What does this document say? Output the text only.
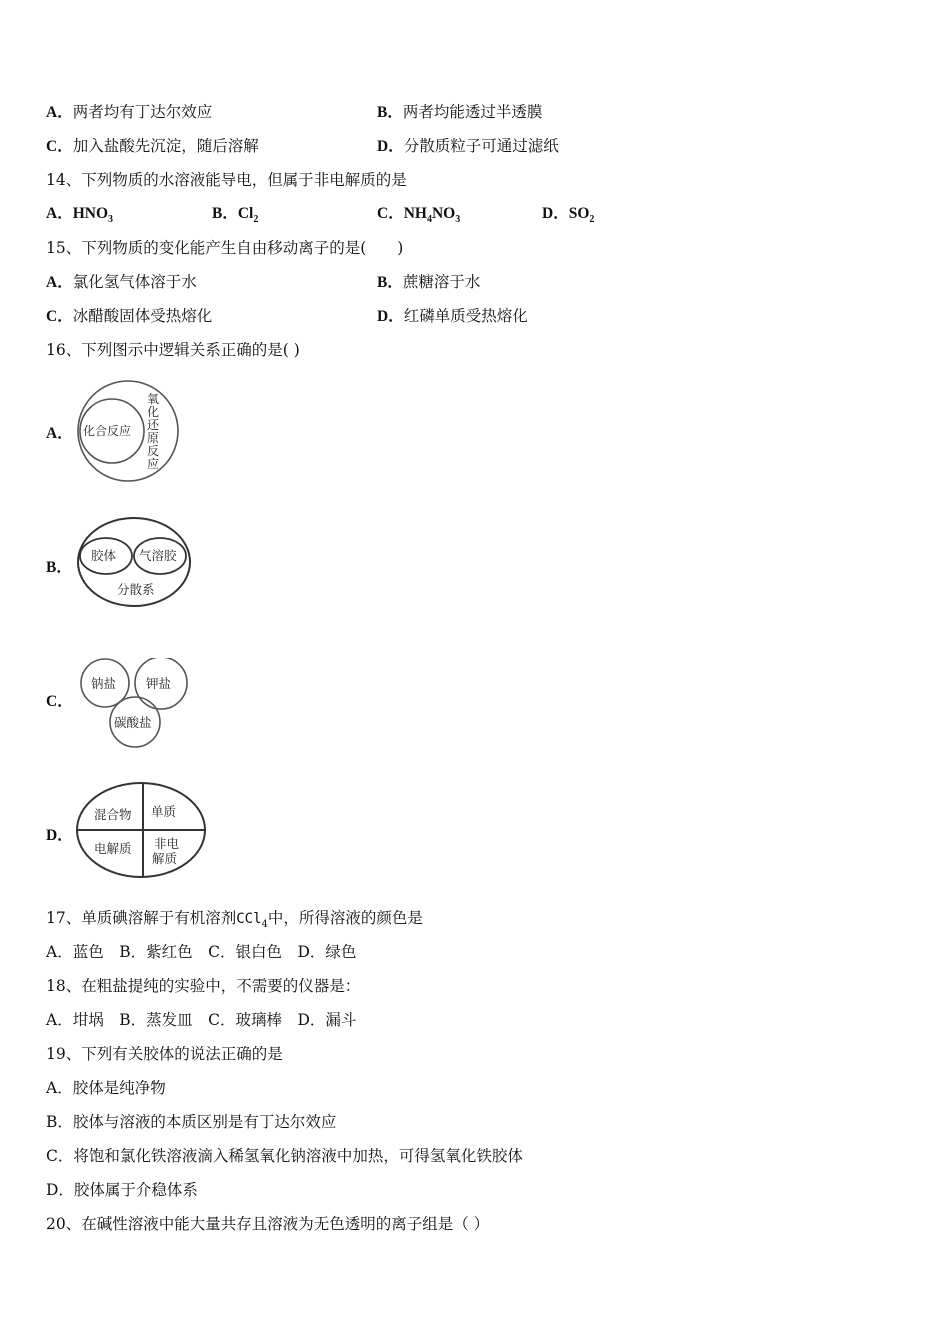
A．两者均有丁达尔效应	B．两者均能透过半透膜
C．加入盐酸先沉淀，随后溶解	D．分散质粒子可通过滤纸
14、下列物质的水溶液能导电，但属于非电解质的是
A．$HNO_3$	B．$Cl_2$	C．$NH_4NO_3$	D．$SO_2$
15、下列物质的变化能产生自由移动离子的是(　　)
A．氯化氢气体溶于水	B．蔗糖溶于水
C．冰醋酸固体受热熔化	D．红磷单质受热熔化
16、下列图示中逻辑关系正确的是( )
A． 化合反应
氧
化
还
原
反
应
B．
胶体 气溶胶
分散系
C．
钠盐 钾盐
碳酸盐
D．
混合物 单质
电解质 非电
解质
17、单质碘溶解于有机溶剂CCl$_4$中，所得溶液的颜色是
A．蓝色　B．紫红色　C．银白色　D．绿色
18、在粗盐提纯的实验中，不需要的仪器是：
A．坩埚　B．蒸发皿　C．玻璃棒　D．漏斗
19、下列有关胶体的说法正确的是
A．胶体是纯净物
B．胶体与溶液的本质区别是有丁达尔效应
C．将饱和氯化铁溶液滴入稀氢氧化钠溶液中加热，可得氢氧化铁胶体
D．胶体属于介稳体系
20、在碱性溶液中能大量共存且溶液为无色透明的离子组是（ ）
